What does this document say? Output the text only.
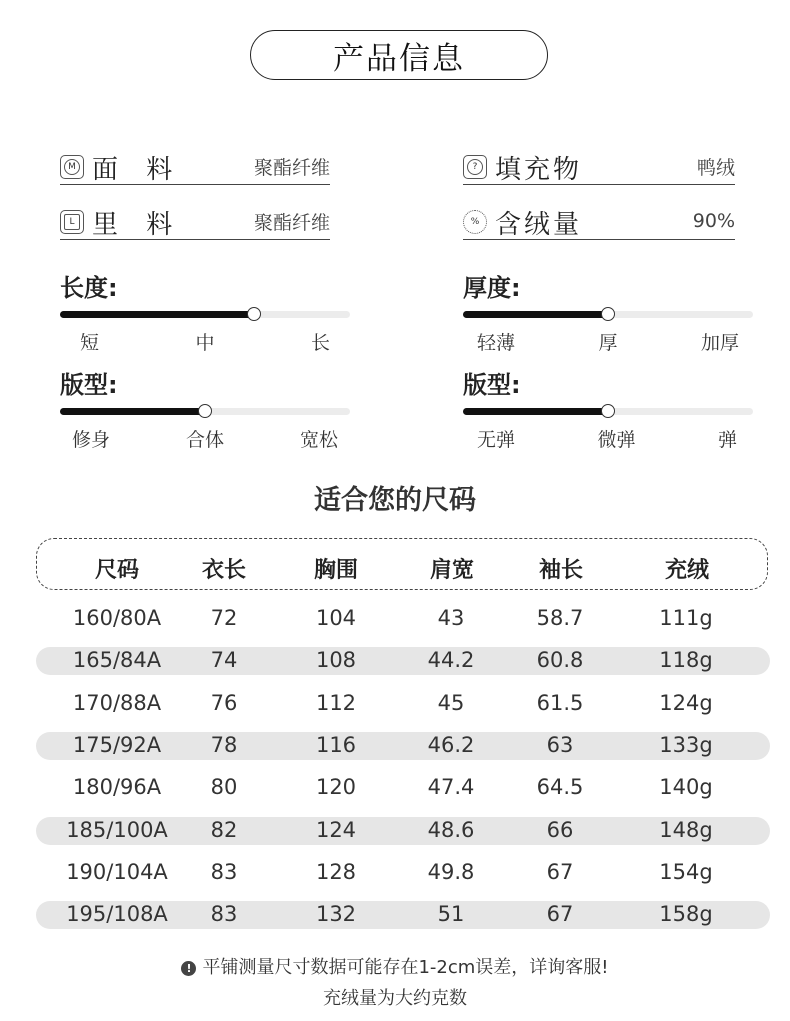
产品信息
M 面 料	聚酯纤维
L 里 料	聚酯纤维
? 填充物	鸭绒
% 含绒量	90%
长度:
短	中	长
版型:
修身	合体	宽松
厚度:
轻薄	厚	加厚
版型:
无弹	微弹	弹
适合您的尺码
尺码	衣长	胸围	肩宽	袖长	充绒
160/80A 72	104	43	58.7	111g
165/84A 74	108	44.2	60.8	118g
170/88A 76	112	45	61.5	124g
175/92A 78	116	46.2	63	133g
180/96A 80	120	47.4	64.5	140g
185/100A 82	124	48.6	66	148g
190/104A 83	128	49.8	67	154g
195/108A 83	132	51	67	158g
! 平铺测量尺寸数据可能存在1-2cm误差，详询客服!
充绒量为大约克数
